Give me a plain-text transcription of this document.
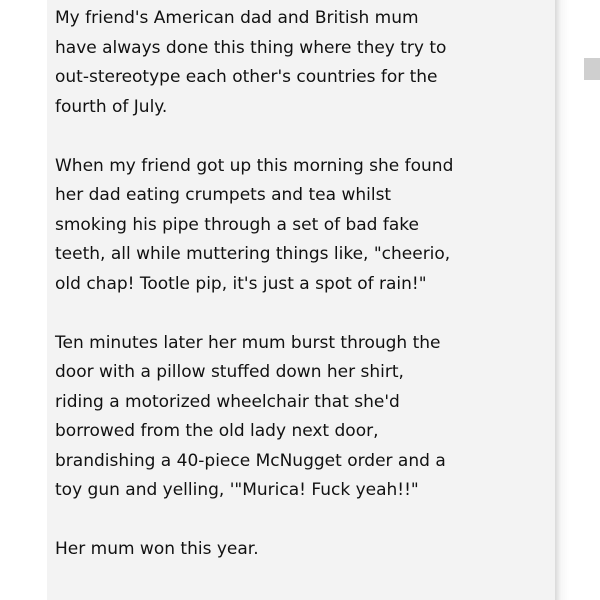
My friend's American dad and British mum
have always done this thing where they try to
out-stereotype each other's countries for the
fourth of July.
When my friend got up this morning she found
her dad eating crumpets and tea whilst
smoking his pipe through a set of bad fake
teeth, all while muttering things like, "cheerio,
old chap! Tootle pip, it's just a spot of rain!"
Ten minutes later her mum burst through the
door with a pillow stuffed down her shirt,
riding a motorized wheelchair that she'd
borrowed from the old lady next door,
brandishing a 40-piece McNugget order and a
toy gun and yelling, '"Murica! Fuck yeah!!"
Her mum won this year.
